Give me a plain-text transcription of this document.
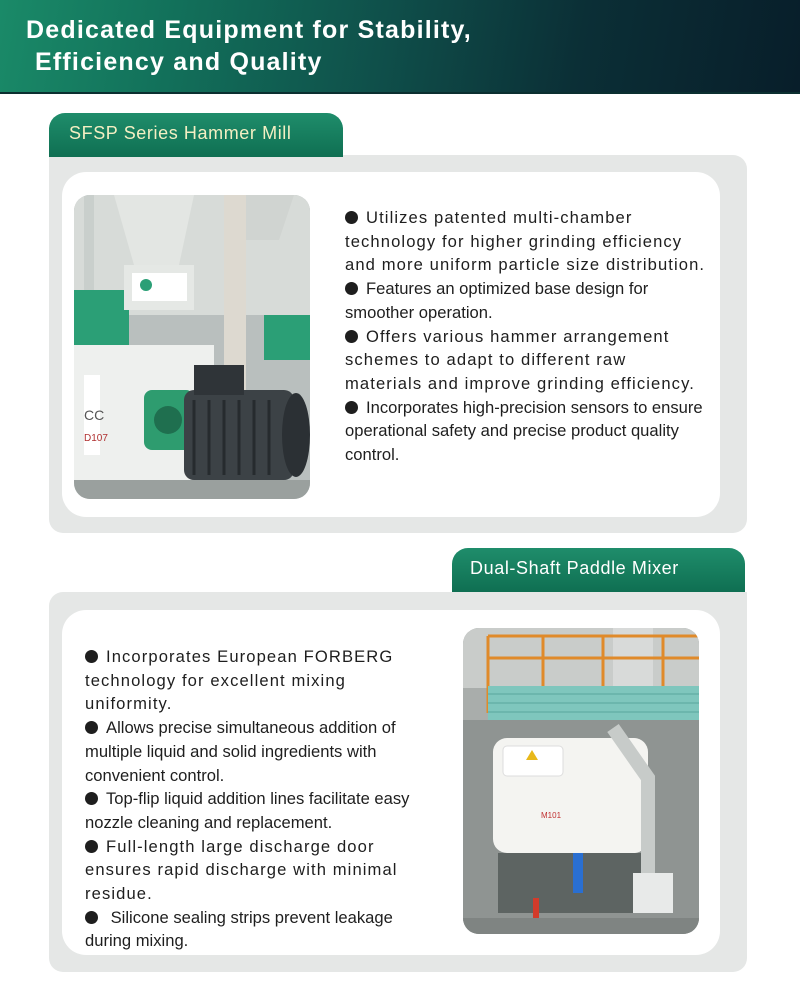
Dedicated Equipment for Stability,
Efficiency and Quality
SFSP Series Hammer Mill
CC
D107
Utilizes patented multi-chamber technology for higher grinding efficiency and more uniform particle size distribution.
Features an optimized base design for smoother operation.
Offers various hammer arrangement schemes to adapt to different raw materials and improve grinding efficiency.
Incorporates high-precision sensors to ensure operational safety and precise product quality control.
Dual-Shaft Paddle Mixer
Incorporates European FORBERG technology for excellent mixing uniformity.
Allows precise simultaneous addition of multiple liquid and solid ingredients with convenient control.
Top-flip liquid addition lines facilitate easy nozzle cleaning and replacement.
Full-length large discharge door ensures rapid discharge with minimal residue.
Silicone sealing strips prevent leakage during mixing.
M101
